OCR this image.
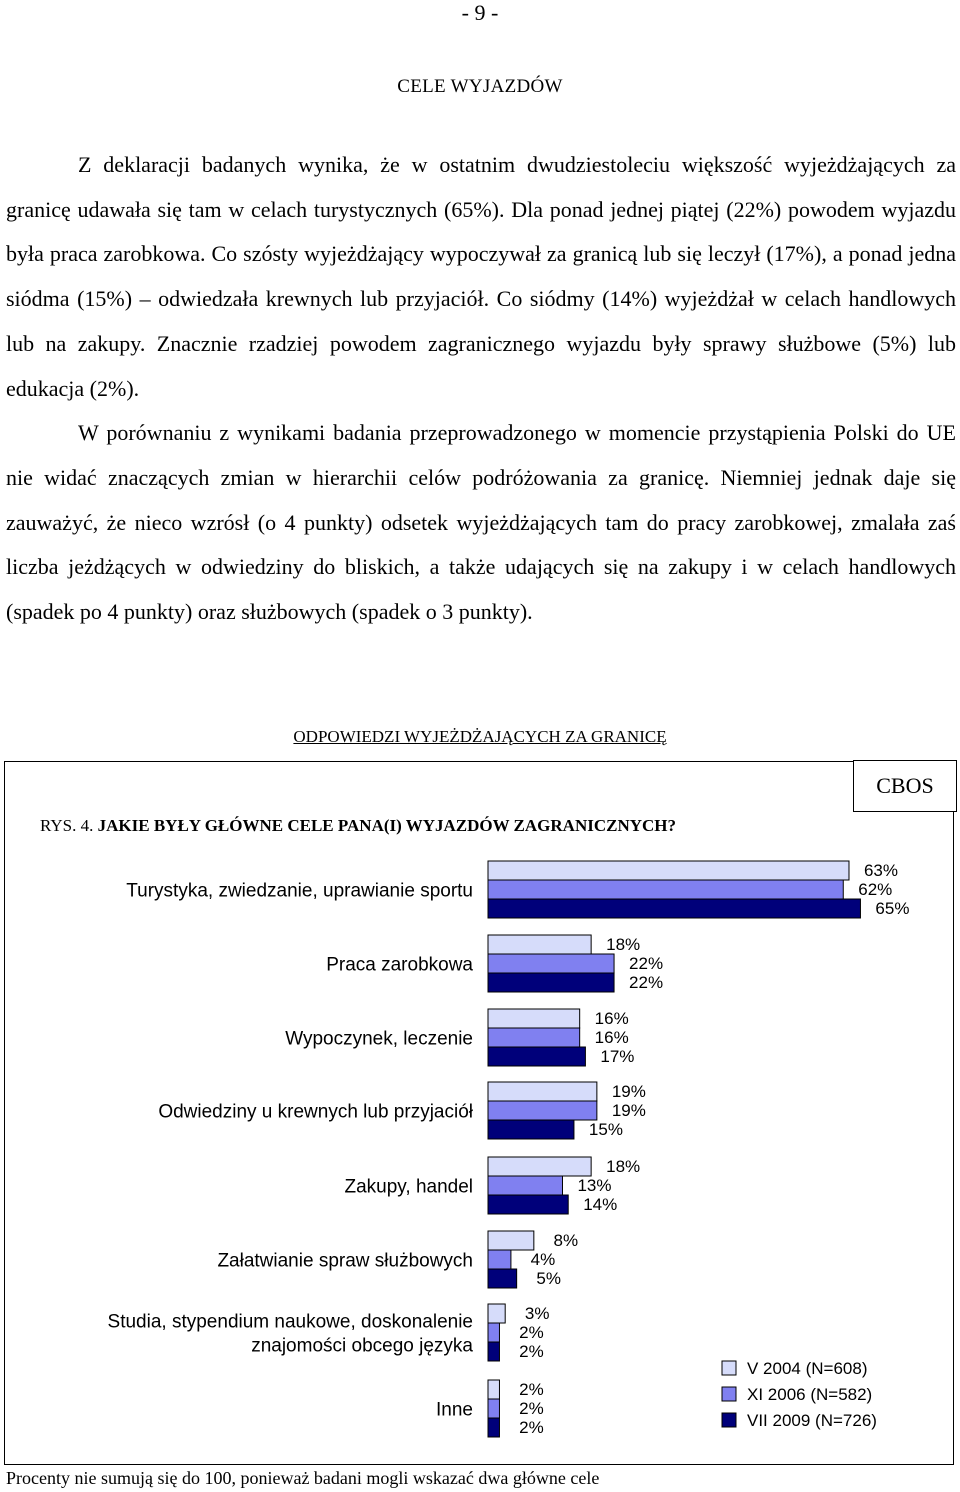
- 9 -
CELE WYJAZDÓW

Z deklaracji badanych wynika, że w ostatnim dwudziestoleciu większość wyjeżdżających za granicę udawała się tam w celach turystycznych (65%). Dla ponad jednej piątej (22%) powodem wyjazdu była praca zarobkowa. Co szósty wyjeżdżający wypoczywał za granicą lub się leczył (17%), a ponad jedna siódma (15%) – odwiedzała krewnych lub przyjaciół. Co siódmy (14%) wyjeżdżał w celach handlowych lub na zakupy. Znacznie rzadziej powodem zagranicznego wyjazdu były sprawy służbowe (5%) lub edukacja (2%).

W porównaniu z wynikami badania przeprowadzonego w momencie przystąpienia Polski do UE nie widać znaczących zmian w hierarchii celów podróżowania za granicę. Niemniej jednak daje się zauważyć, że nieco wzrósł (o 4 punkty) odsetek wyjeżdżających tam do pracy zarobkowej, zmalała zaś liczba jeżdżących w odwiedziny do bliskich, a także udających się na zakupy i w celach handlowych (spadek po 4 punkty) oraz służbowych (spadek o 3 punkty).

ODPOWIEDZI WYJEŻDŻAJĄCYCH ZA GRANICĘ
CBOS
RYS. 4. JAKIE BYŁY GŁÓWNE CELE PANA(I) WYJAZDÓW ZAGRANICZNYCH?
Turystyka, zwiedzanie, uprawianie sportu
63%
62%
65%
Praca zarobkowa
18%
22%
22%
Wypoczynek, leczenie
16%
16%
17%
Odwiedziny u krewnych lub przyjaciół
19%
19%
15%
Zakupy, handel
18%
13%
14%
Załatwianie spraw służbowych
8%
4%
5%
Studia, stypendium naukowe, doskonalenie
znajomości obcego języka
3%
2%
2%
Inne
2%
2%
2%
V 2004 (N=608)
XI 2006 (N=582)
VII 2009 (N=726)
Procenty nie sumują się do 100, ponieważ badani mogli wskazać dwa główne cele
